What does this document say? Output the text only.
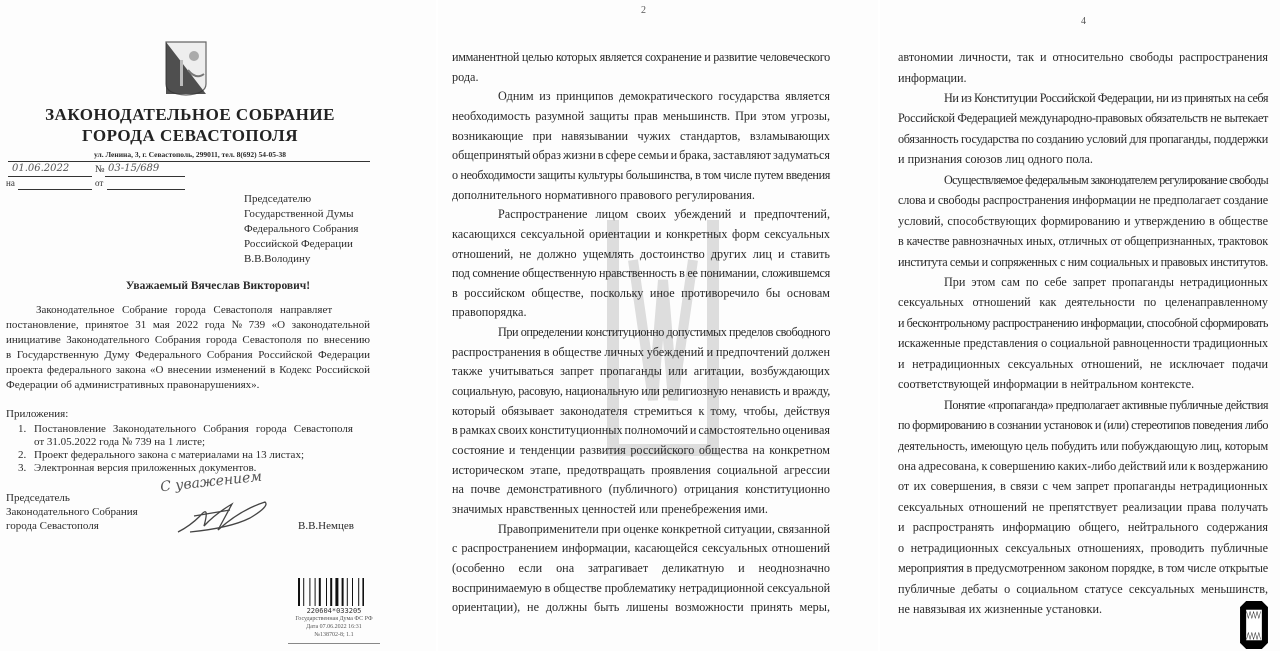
ЗАКОНОДАТЕЛЬНОЕ СОБРАНИЕ
ГОРОДА СЕВАСТОПОЛЯ
ул. Ленина, 3, г. Севастополь, 299011, тел. 8(692) 54-05-38
01.06.2022	№ 03-15/689
на	от
Председателю
Государственной Думы
Федерального Собрания
Российской Федерации
В.В.Володину
Уважаемый Вячеслав Викторович!
Законодательное Собрание города Севастополя направляет
постановление, принятое 31 мая 2022 года № 739 «О законодательной
инициативе Законодательного Собрания города Севастополя по внесению
в Государственную Думу Федерального Собрания Российской Федерации
проекта федерального закона «О внесении изменений в Кодекс Российской
Федерации об административных правонарушениях».
Приложения:
1. Постановление Законодательного Собрания города Севастополя
от 31.05.2022 года № 739 на 1 листе;
2. Проект федерального закона с материалами на 13 листах;
3. Электронная версия приложенных документов.
Председатель
Законодательного Собрания
города Севастополя	В.В.Немцев
С уважением
220604*033205
Государственная Дума ФС РФ
Дата 07.06.2022 16:31
№138702-8; 1.1
2
имманентной целью которых является сохранение и развитие человеческого
рода.
Одним из принципов демократического государства является
необходимость разумной защиты прав меньшинств. При этом угрозы,
возникающие при навязывании чужих стандартов, взламывающих
общепринятый образ жизни в сфере семьи и брака, заставляют задуматься
о необходимости защиты культуры большинства, в том числе путем введения
дополнительного нормативного правового регулирования.
Распространение лицом своих убеждений и предпочтений,
касающихся сексуальной ориентации и конкретных форм сексуальных
отношений, не должно ущемлять достоинство других лиц и ставить
под сомнение общественную нравственность в ее понимании, сложившемся
в российском обществе, поскольку иное противоречило бы основам
правопорядка.
При определении конституционно допустимых пределов свободного
распространения в обществе личных убеждений и предпочтений должен
также учитываться запрет пропаганды или агитации, возбуждающих
социальную, расовую, национальную или религиозную ненависть и вражду,
который обязывает законодателя стремиться к тому, чтобы, действуя
в рамках своих конституционных полномочий и самостоятельно оценивая
состояние и тенденции развития российского общества на конкретном
историческом этапе, предотвращать проявления социальной агрессии
на почве демонстративного (публичного) отрицания конституционно
значимых нравственных ценностей или пренебрежения ими.
Правоприменители при оценке конкретной ситуации, связанной
с распространением информации, касающейся сексуальных отношений
(особенно если она затрагивает деликатную и неоднозначно
воспринимаемую в обществе проблематику нетрадиционной сексуальной
ориентации), не должны быть лишены возможности принять меры,
4
автономии личности, так и относительно свободы распространения
информации.
Ни из Конституции Российской Федерации, ни из принятых на себя
Российской Федерацией международно-правовых обязательств не вытекает
обязанность государства по созданию условий для пропаганды, поддержки
и признания союзов лиц одного пола.
Осуществляемое федеральным законодателем регулирование свободы
слова и свободы распространения информации не предполагает создание
условий, способствующих формированию и утверждению в обществе
в качестве равнозначных иных, отличных от общепризнанных, трактовок
института семьи и сопряженных с ним социальных и правовых институтов.
При этом сам по себе запрет пропаганды нетрадиционных
сексуальных отношений как деятельности по целенаправленному
и бесконтрольному распространению информации, способной сформировать
искаженные представления о социальной равноценности традиционных
и нетрадиционных сексуальных отношений, не исключает подачи
соответствующей информации в нейтральном контексте.
Понятие «пропаганда» предполагает активные публичные действия
по формированию в сознании установок и (или) стереотипов поведения либо
деятельность, имеющую цель побудить или побуждающую лиц, которым
она адресована, к совершению каких-либо действий или к воздержанию
от их совершения, в связи с чем запрет пропаганды нетрадиционных
сексуальных отношений не препятствует реализации права получать
и распространять информацию общего, нейтрального содержания
о нетрадиционных сексуальных отношениях, проводить публичные
мероприятия в предусмотренном законом порядке, в том числе открытые
публичные дебаты о социальном статусе сексуальных меньшинств,
не навязывая их жизненные установки.
